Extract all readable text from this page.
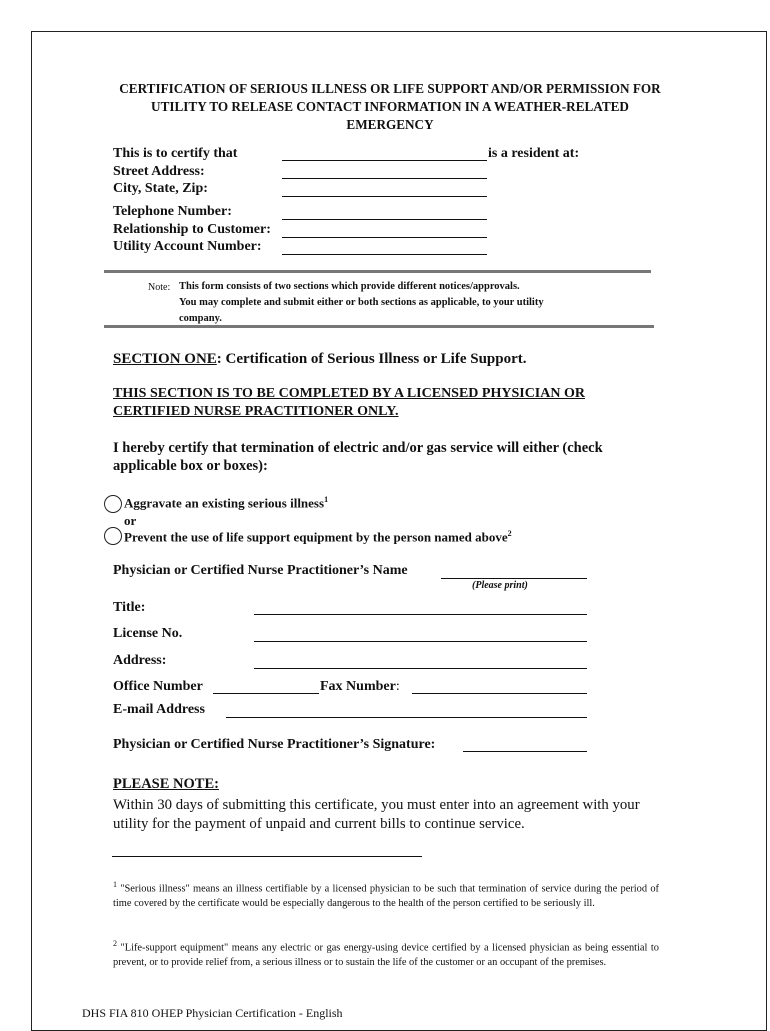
CERTIFICATION OF SERIOUS ILLNESS OR LIFE SUPPORT AND/OR PERMISSION FOR UTILITY TO RELEASE CONTACT INFORMATION IN A WEATHER-RELATED EMERGENCY
This is to certify that	is a resident at:
Street Address:
City, State, Zip:
Telephone Number:
Relationship to Customer:
Utility Account Number:
Note: This form consists of two sections which provide different notices/approvals.
You may complete and submit either or both sections as applicable, to your utility
company.
SECTION ONE: Certification of Serious Illness or Life Support.
THIS SECTION IS TO BE COMPLETED BY A LICENSED PHYSICIAN OR
CERTIFIED NURSE PRACTITIONER ONLY.
I hereby certify that termination of electric and/or gas service will either (check
applicable box or boxes):
Aggravate an existing serious illness$^1$
or
Prevent the use of life support equipment by the person named above$^2$
Physician or Certified Nurse Practitioner’s Name
(Please print)
Title:
License No.
Address:
Office Number	Fax Number:
E-mail Address
Physician or Certified Nurse Practitioner’s Signature:
PLEASE NOTE:
Within 30 days of submitting this certificate, you must enter into an agreement with your
utility for the payment of unpaid and current bills to continue service.
$^1$ "Serious illness" means an illness certifiable by a licensed physician to be such that termination of service during the period of time covered by the certificate would be especially dangerous to the health of the person certified to be seriously ill.
$^2$ "Life-support equipment" means any electric or gas energy-using device certified by a licensed physician as being essential to prevent, or to provide relief from, a serious illness or to sustain the life of the customer or an occupant of the premises.
DHS FIA 810 OHEP Physician Certification - English
